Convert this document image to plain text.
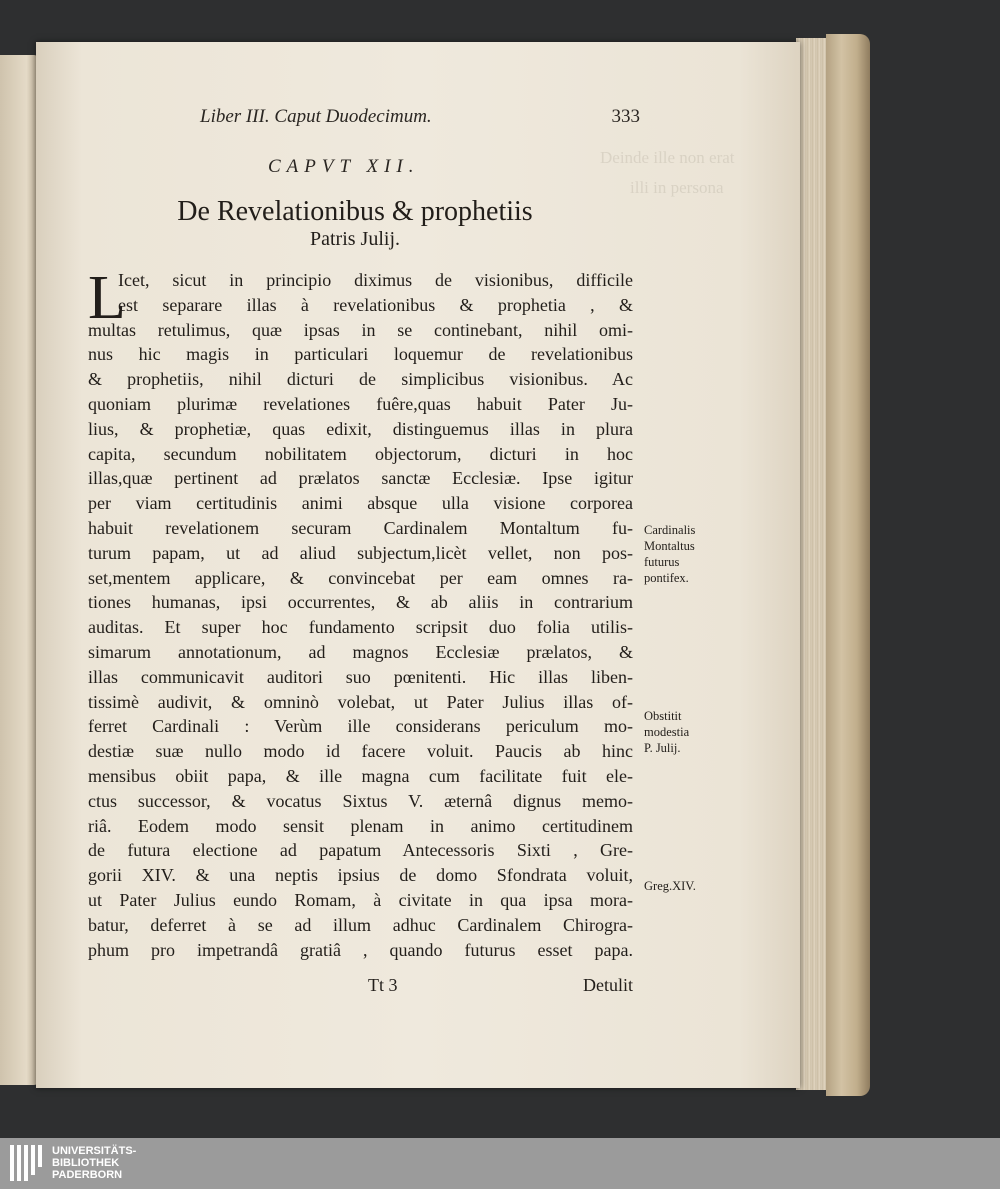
Deinde ille non erat
illi in persona
Liber III. Caput Duodecimum.	333
CAPVT XII.
De Revelationibus & prophetiis
Patris Julij.
L
Icet, sicut in principio diximus de visionibus, difficile
est separare illas à revelationibus & prophetia , &
multas retulimus, quæ ipsas in se continebant, nihil omi-
nus hic magis in particulari loquemur de revelationibus
& prophetiis, nihil dicturi de simplicibus visionibus. Ac
quoniam plurimæ revelationes fuêre,quas habuit Pater Ju-
lius, & prophetiæ, quas edixit, distinguemus illas in plura
capita, secundum nobilitatem objectorum, dicturi in hoc
illas,quæ pertinent ad prælatos sanctæ Ecclesiæ. Ipse igitur
per viam certitudinis animi absque ulla visione corporea
habuit revelationem securam Cardinalem Montaltum fu-
turum papam, ut ad aliud subjectum,licèt vellet, non pos-
set,mentem applicare, & convincebat per eam omnes ra-
tiones humanas, ipsi occurrentes, & ab aliis in contrarium
auditas. Et super hoc fundamento scripsit duo folia utilis-
simarum annotationum, ad magnos Ecclesiæ prælatos, &
illas communicavit auditori suo pœnitenti. Hic illas liben-
tissimè audivit, & omninò volebat, ut Pater Julius illas of-
ferret Cardinali : Verùm ille considerans periculum mo-
destiæ suæ nullo modo id facere voluit. Paucis ab hinc
mensibus obiit papa, & ille magna cum facilitate fuit ele-
ctus successor, & vocatus Sixtus V. æternâ dignus memo-
riâ. Eodem modo sensit plenam in animo certitudinem
de futura electione ad papatum Antecessoris Sixti , Gre-
gorii XIV. & una neptis ipsius de domo Sfondrata voluit,
ut Pater Julius eundo Romam, à civitate in qua ipsa mora-
batur, deferret à se ad illum adhuc Cardinalem Chirogra-
phum pro impetrandâ gratiâ , quando futurus esset papa.
Tt 3	Detulit
Cardinalis
Montaltus
futurus
pontifex.
Obstitit
modestia
P. Julij.
Greg.XIV.
UNIVERSITÄTS-
BIBLIOTHEK
PADERBORN
